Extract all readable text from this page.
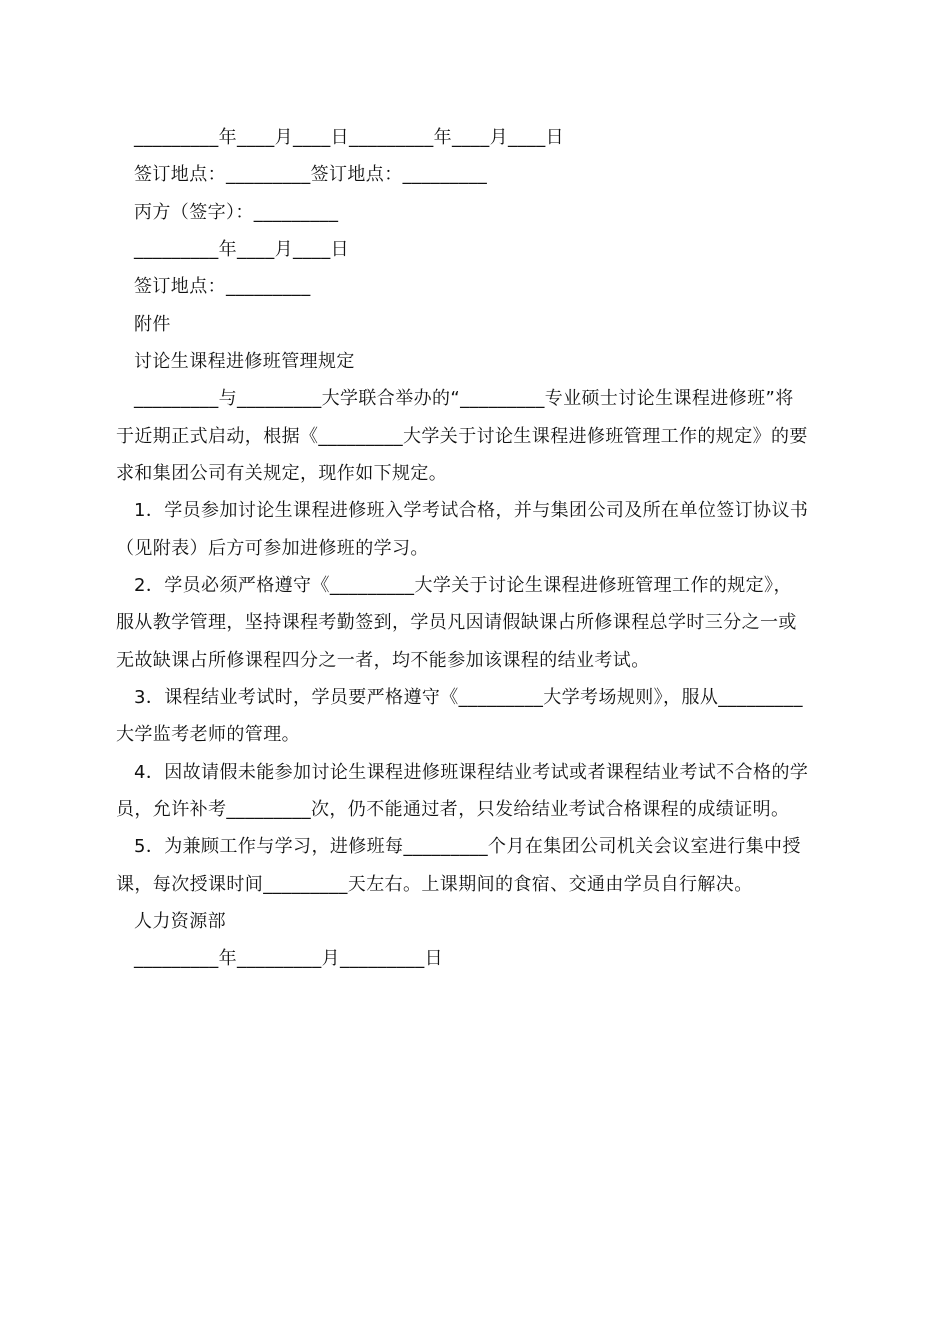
_________年____月____日_________年____月____日
签订地点：_________签订地点：_________
丙方（签字）：_________
_________年____月____日
签订地点：_________
附件
讨论生课程进修班管理规定
_________与_________大学联合举办的“_________专业硕士讨论生课程进修班”将
于近期正式启动，根据《_________大学关于讨论生课程进修班管理工作的规定》的要
求和集团公司有关规定，现作如下规定。
1．学员参加讨论生课程进修班入学考试合格，并与集团公司及所在单位签订协议书
（见附表）后方可参加进修班的学习。
2．学员必须严格遵守《_________大学关于讨论生课程进修班管理工作的规定》，
服从教学管理，坚持课程考勤签到，学员凡因请假缺课占所修课程总学时三分之一或
无故缺课占所修课程四分之一者，均不能参加该课程的结业考试。
3．课程结业考试时，学员要严格遵守《_________大学考场规则》，服从_________
大学监考老师的管理。
4．因故请假未能参加讨论生课程进修班课程结业考试或者课程结业考试不合格的学
员，允许补考_________次，仍不能通过者，只发给结业考试合格课程的成绩证明。
5．为兼顾工作与学习，进修班每_________个月在集团公司机关会议室进行集中授
课，每次授课时间_________天左右。上课期间的食宿、交通由学员自行解决。
人力资源部
_________年_________月_________日
